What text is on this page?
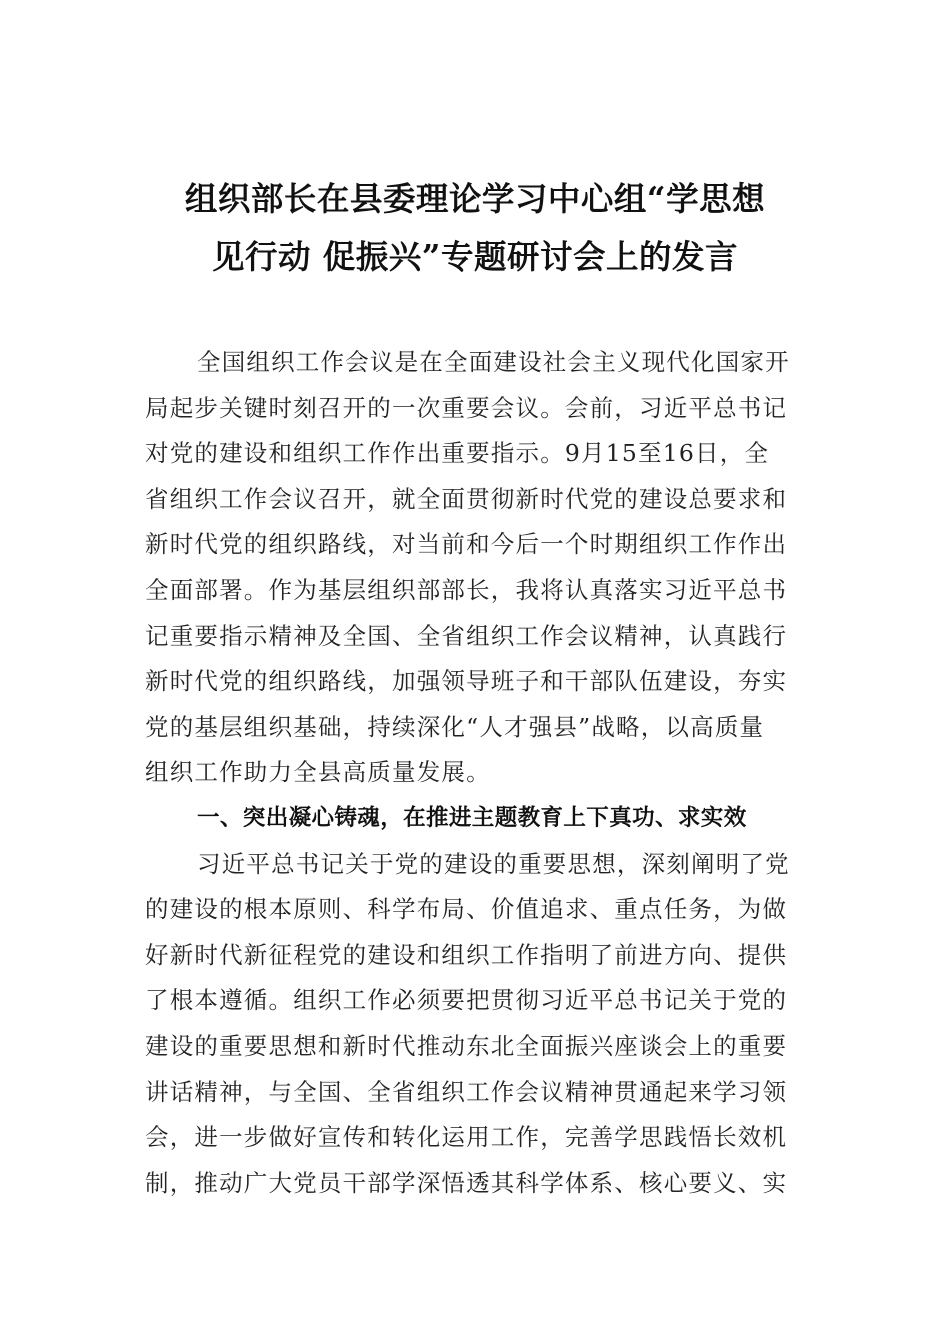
组织部长在县委理论学习中心组“学思想
见行动 促振兴”专题研讨会上的发言
全国组织工作会议是在全面建设社会主义现代化国家开
局起步关键时刻召开的一次重要会议。会前，习近平总书记
对党的建设和组织工作作出重要指示。9月15至16日，全
省组织工作会议召开，就全面贯彻新时代党的建设总要求和
新时代党的组织路线，对当前和今后一个时期组织工作作出
全面部署。作为基层组织部部长，我将认真落实习近平总书
记重要指示精神及全国、全省组织工作会议精神，认真践行
新时代党的组织路线，加强领导班子和干部队伍建设，夯实
党的基层组织基础，持续深化“人才强县”战略，以高质量
组织工作助力全县高质量发展。
一、突出凝心铸魂，在推进主题教育上下真功、求实效
习近平总书记关于党的建设的重要思想，深刻阐明了党
的建设的根本原则、科学布局、价值追求、重点任务，为做
好新时代新征程党的建设和组织工作指明了前进方向、提供
了根本遵循。组织工作必须要把贯彻习近平总书记关于党的
建设的重要思想和新时代推动东北全面振兴座谈会上的重要
讲话精神，与全国、全省组织工作会议精神贯通起来学习领
会，进一步做好宣传和转化运用工作，完善学思践悟长效机
制，推动广大党员干部学深悟透其科学体系、核心要义、实
